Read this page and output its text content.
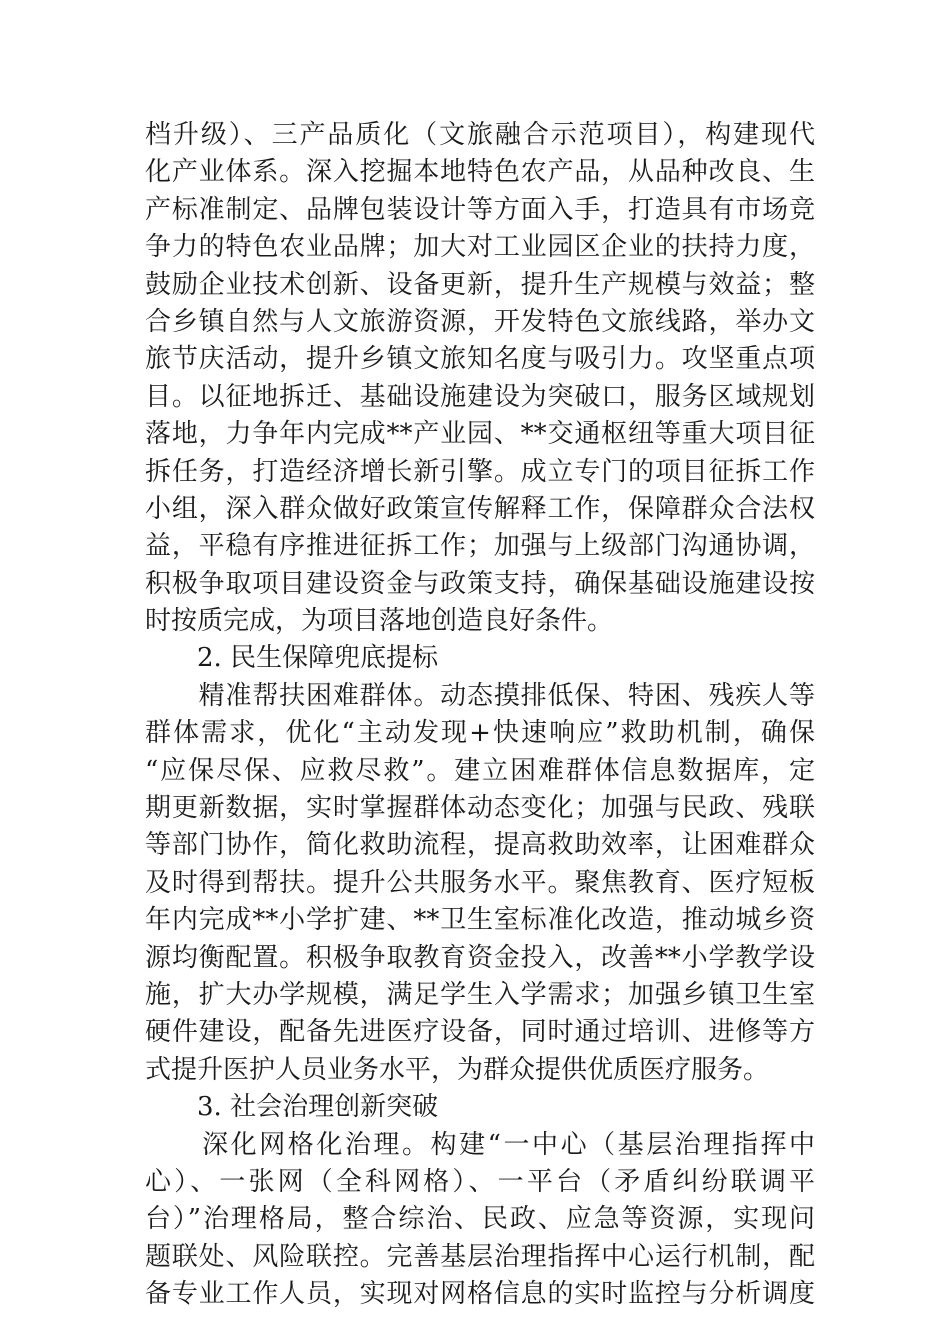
档升级）、三产品质化（文旅融合示范项目），构建现代
化产业体系。深入挖掘本地特色农产品，从品种改良、生
产标准制定、品牌包装设计等方面入手，打造具有市场竞
争力的特色农业品牌；加大对工业园区企业的扶持力度，
鼓励企业技术创新、设备更新，提升生产规模与效益；整
合乡镇自然与人文旅游资源，开发特色文旅线路，举办文
旅节庆活动，提升乡镇文旅知名度与吸引力。攻坚重点项
目。以征地拆迁、基础设施建设为突破口，服务区域规划
落地，力争年内完成**产业园、**交通枢纽等重大项目征
拆任务，打造经济增长新引擎。成立专门的项目征拆工作
小组，深入群众做好政策宣传解释工作，保障群众合法权
益，平稳有序推进征拆工作；加强与上级部门沟通协调，
积极争取项目建设资金与政策支持，确保基础设施建设按
时按质完成，为项目落地创造良好条件。
2. 民生保障兜底提标
　　精准帮扶困难群体。动态摸排低保、特困、残疾人等
群体需求，优化“主动发现+快速响应”救助机制，确保
“应保尽保、应救尽救”。建立困难群体信息数据库，定
期更新数据，实时掌握群体动态变化；加强与民政、残联
等部门协作，简化救助流程，提高救助效率，让困难群众
及时得到帮扶。提升公共服务水平。聚焦教育、医疗短板
年内完成**小学扩建、**卫生室标准化改造，推动城乡资
源均衡配置。积极争取教育资金投入，改善**小学教学设
施，扩大办学规模，满足学生入学需求；加强乡镇卫生室
硬件建设，配备先进医疗设备，同时通过培训、进修等方
式提升医护人员业务水平，为群众提供优质医疗服务。
3. 社会治理创新突破
　　深化网格化治理。构建“一中心（基层治理指挥中
心）、一张网（全科网格）、一平台（矛盾纠纷联调平
台）”治理格局，整合综治、民政、应急等资源，实现问
题联处、风险联控。完善基层治理指挥中心运行机制，配
备专业工作人员，实现对网格信息的实时监控与分析调度
